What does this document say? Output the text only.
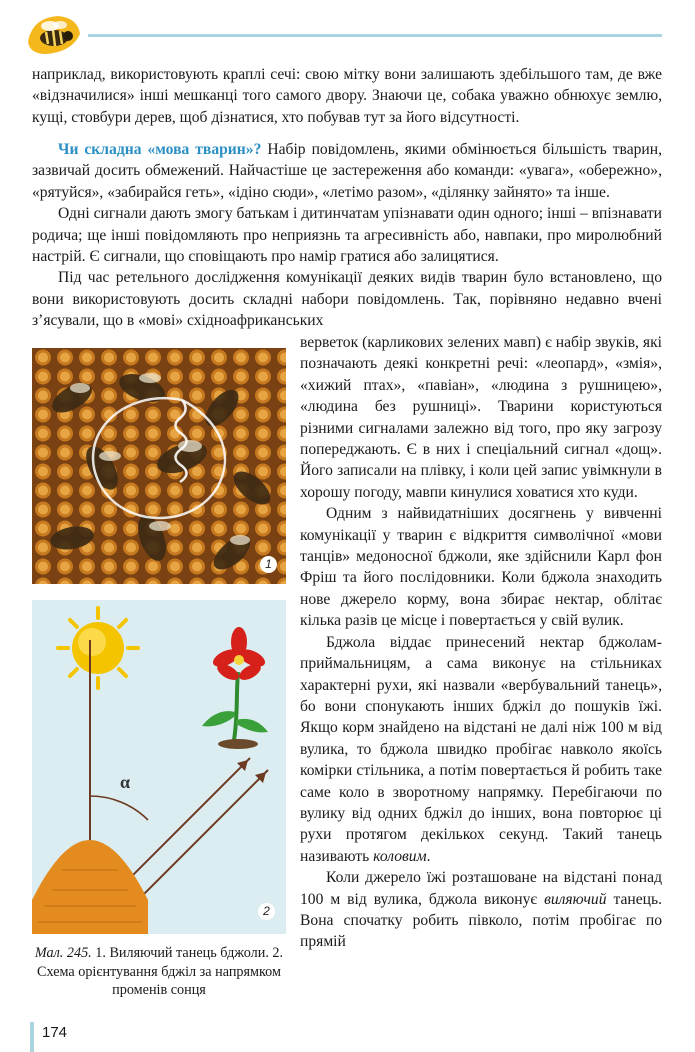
наприклад, використовують краплі сечі: свою мітку вони залишають здебільшого там, де вже «відзначилися» інші мешканці того самого двору. Знаючи це, собака уважно обнюхує землю, кущі, стовбури дерев, щоб дізнатися, хто побував тут за його відсутності.

Чи складна «мова тварин»? Набір повідомлень, якими обмінюється більшість тварин, зазвичай досить обмежений. Найчастіше це застереження або команди: «увага», «обережно», «рятуйся», «забирайся геть», «ідіно сюди», «летімо разом», «ділянку зайнято» та інше.

Одні сигнали дають змогу батькам і дитинчатам упізнавати один одного; інші – впізнавати родича; ще інші повідомляють про неприязнь та агресивність або, навпаки, про миролюбний настрій. Є сигнали, що сповіщають про намір гратися або залицятися.

Під час ретельного дослідження комунікації деяких видів тварин було встановлено, що вони використовують досить складні набори повідомлень. Так, порівняно недавно вчені з’ясували, що в «мові» східноафриканських

верветок (карликових зелених мавп) є набір звуків, які позначають деякі конкретні речі: «леопард», «змія», «хижий птах», «павіан», «людина з рушницею», «людина без рушниці». Тварини користуються різними сигналами залежно від того, про яку загрозу попереджають. Є в них і спеціальний сигнал «дощ». Його записали на плівку, і коли цей запис увімкнули в хорошу погоду, мавпи кинулися ховатися хто куди.

Одним з найвидатніших досягнень у вивченні комунікації у тварин є відкриття символічної «мови танців» медоносної бджоли, яке здійснили Карл фон Фріш та його послідовники. Коли бджола знаходить нове джерело корму, вона збирає нектар, облітає кілька разів це місце і повертається у свій вулик.

Бджола віддає принесений нектар бджолам-приймальницям, а сама виконує на стільниках характерні рухи, які назвали «вербувальний танець», бо вони спонукають інших бджіл до пошуків їжі. Якщо корм знайдено на відстані не далі ніж 100 м від вулика, то бджола швидко пробігає навколо якоїсь комірки стільника, а потім повертається й робить таке саме коло в зворотному напрямку. Перебігаючи по вулику від одних бджіл до інших, вона повторює ці рухи протягом декількох секунд. Такий танець називають коловим.

Коли джерело їжі розташоване на відстані понад 100 м від вулика, бджола виконує виляючий танець. Вона спочатку робить півколо, потім пробігає по прямій

1
α
2
Мал. 245. 1. Виляючий танець бджоли. 2. Схема орієнтування бджіл за напрямком променів сонця
174
